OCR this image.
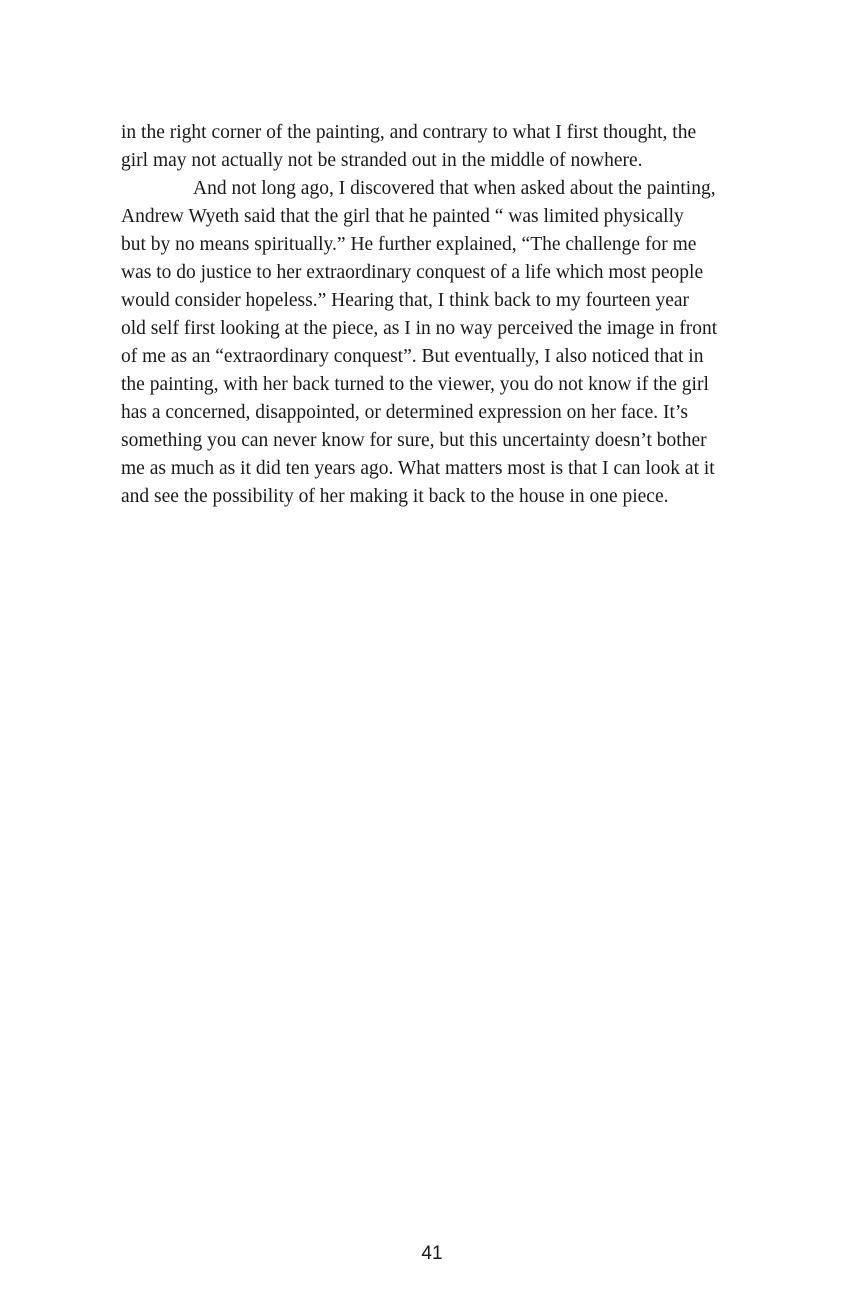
in the right corner of the painting, and contrary to what I first thought, the
girl may not actually not be stranded out in the middle of nowhere.
And not long ago, I discovered that when asked about the painting,
Andrew Wyeth said that the girl that he painted “ was limited physically
but by no means spiritually.” He further explained, “The challenge for me
was to do justice to her extraordinary conquest of a life which most people
would consider hopeless.” Hearing that, I think back to my fourteen year
old self first looking at the piece, as I in no way perceived the image in front
of me as an “extraordinary conquest”. But eventually, I also noticed that in
the painting, with her back turned to the viewer, you do not know if the girl
has a concerned, disappointed, or determined expression on her face. It’s
something you can never know for sure, but this uncertainty doesn’t bother
me as much as it did ten years ago. What matters most is that I can look at it
and see the possibility of her making it back to the house in one piece.
41
